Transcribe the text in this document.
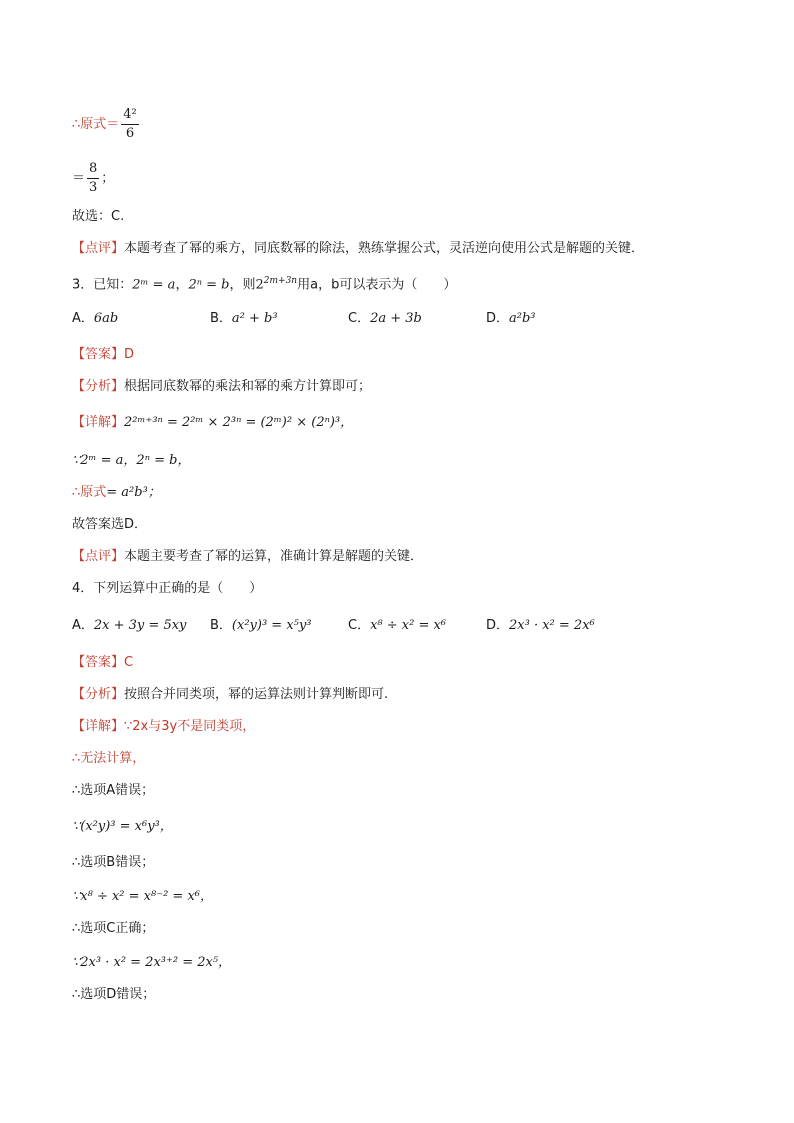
∴原式＝ $\frac{\text{4²}}{6}$
＝ $\frac{8}{3}$ ；
故选：C.
【点评】本题考查了幂的乘方，同底数幂的除法，熟练掌握公式，灵活逆向使用公式是解题的关键．
3．已知：2ᵐ = a，2ⁿ = b，则$2^{2m+3n}$用a，b可以表示为（　　）
A．6ab	B．a² + b³	C．2a + 3b	D．a²b³
【答案】D
【分析】根据同底数幂的乘法和幂的乘方计算即可；
【详解】2²ᵐ⁺³ⁿ = 2²ᵐ × 2³ⁿ = (2ᵐ)² × (2ⁿ)³，
∵2ᵐ = a，2ⁿ = b，
∴原式= a²b³；
故答案选D．
【点评】本题主要考查了幂的运算，准确计算是解题的关键．
4．下列运算中正确的是（　　）
A．2x + 3y = 5xy B．(x²y)³ = x⁵y³	C．x⁸ ÷ x² = x⁶	D．2x³ · x² = 2x⁶
【答案】C
【分析】按照合并同类项，幂的运算法则计算判断即可.
【详解】∵2x与3y不是同类项，
∴无法计算，
∴选项A错误；
∵(x²y)³ = x⁶y³，
∴选项B错误；
∵x⁸ ÷ x² = x⁸⁻² = x⁶，
∴选项C正确；
∵2x³ · x² = 2x³⁺² = 2x⁵，
∴选项D错误；
